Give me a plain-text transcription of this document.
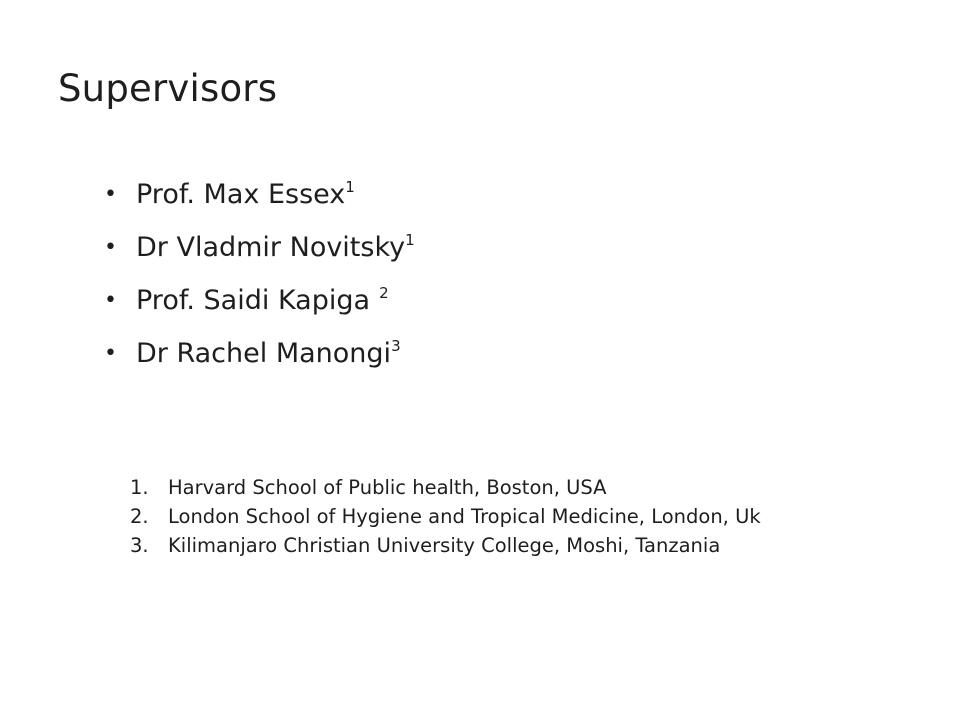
Supervisors
• Prof. Max Essex$^1$
• Dr Vladmir Novitsky$^1$
• Prof. Saidi Kapiga $^2$
• Dr Rachel Manongi$^3$
1. Harvard School of Public health, Boston, USA
2. London School of Hygiene and Tropical Medicine, London, Uk
3. Kilimanjaro Christian University College, Moshi, Tanzania
